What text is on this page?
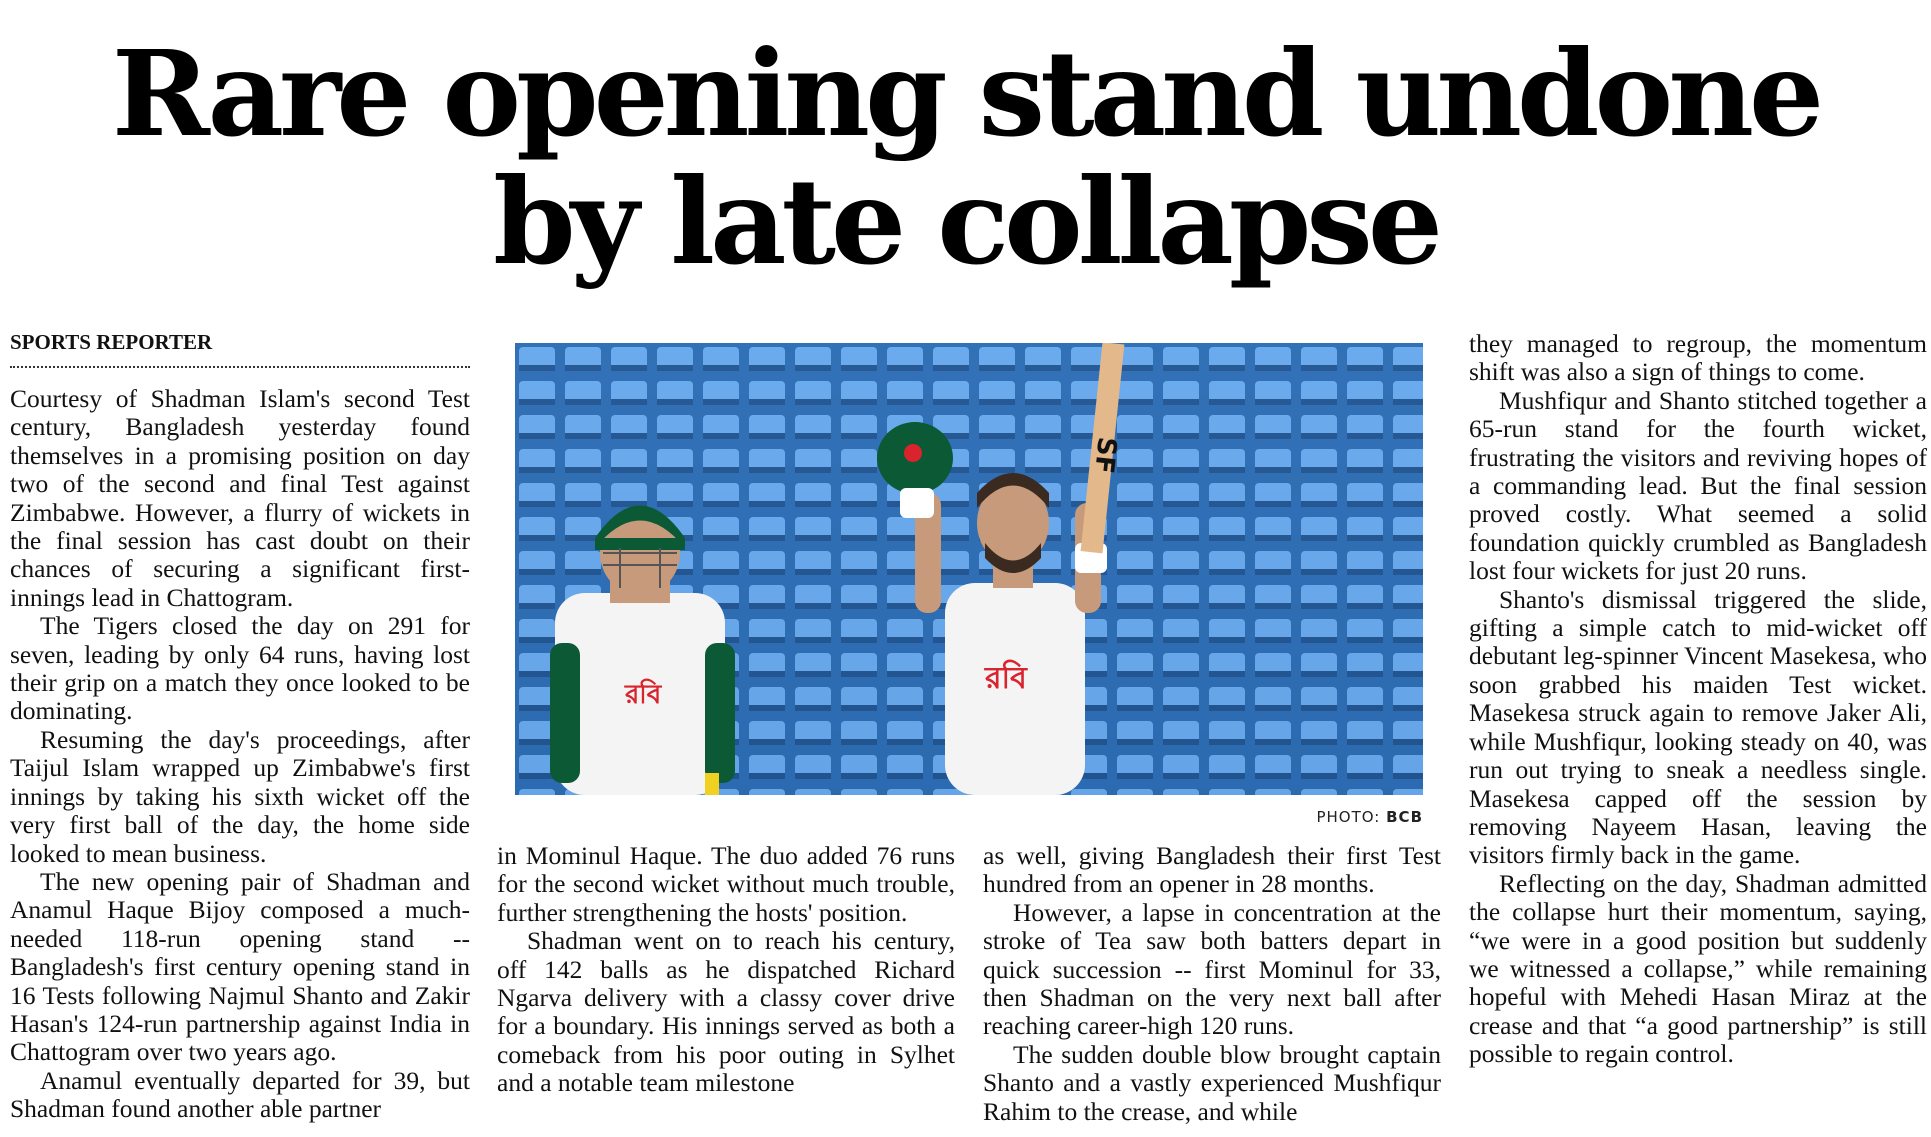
Rare opening stand undone
by late collapse
SPORTS REPORTER

Courtesy of Shadman Islam's second Test century, Bangladesh yesterday found themselves in a promising position on day two of the second and final Test against Zimbabwe. However, a flurry of wickets in the final session has cast doubt on their chances of securing a significant first-innings lead in Chattogram.

The Tigers closed the day on 291 for seven, leading by only 64 runs, having lost their grip on a match they once looked to be dominating.

Resuming the day's proceedings, after Taijul Islam wrapped up Zimbabwe's first innings by taking his sixth wicket off the very first ball of the day, the home side looked to mean business.

The new opening pair of Shadman and Anamul Haque Bijoy composed a much-needed 118-run opening stand -- Bangladesh's first century opening stand in 16 Tests following Najmul Shanto and Zakir Hasan's 124-run partnership against India in Chattogram over two years ago.

Anamul eventually departed for 39, but Shadman found another able partner

রবি
SF
রবি
PHOTO: BCB

in Mominul Haque. The duo added 76 runs for the second wicket without much trouble, further strengthening the hosts' position.

Shadman went on to reach his century, off 142 balls as he dispatched Richard Ngarva delivery with a classy cover drive for a boundary. His innings served as both a comeback from his poor outing in Sylhet and a notable team milestone

as well, giving Bangladesh their first Test hundred from an opener in 28 months.

However, a lapse in concentration at the stroke of Tea saw both batters depart in quick succession -- first Mominul for 33, then Shadman on the very next ball after reaching career-high 120 runs.

The sudden double blow brought captain Shanto and a vastly experienced Mushfiqur Rahim to the crease, and while

they managed to regroup, the momentum shift was also a sign of things to come.

Mushfiqur and Shanto stitched together a 65-run stand for the fourth wicket, frustrating the visitors and reviving hopes of a commanding lead. But the final session proved costly. What seemed a solid foundation quickly crumbled as Bangladesh lost four wickets for just 20 runs.

Shanto's dismissal triggered the slide, gifting a simple catch to mid-wicket off debutant leg-spinner Vincent Masekesa, who soon grabbed his maiden Test wicket. Masekesa struck again to remove Jaker Ali, while Mushfiqur, looking steady on 40, was run out trying to sneak a needless single. Masekesa capped off the session by removing Nayeem Hasan, leaving the visitors firmly back in the game.

Reflecting on the day, Shadman admitted the collapse hurt their momentum, saying, “we were in a good position but suddenly we witnessed a collapse,” while remaining hopeful with Mehedi Hasan Miraz at the crease and that “a good partnership” is still possible to regain control.
